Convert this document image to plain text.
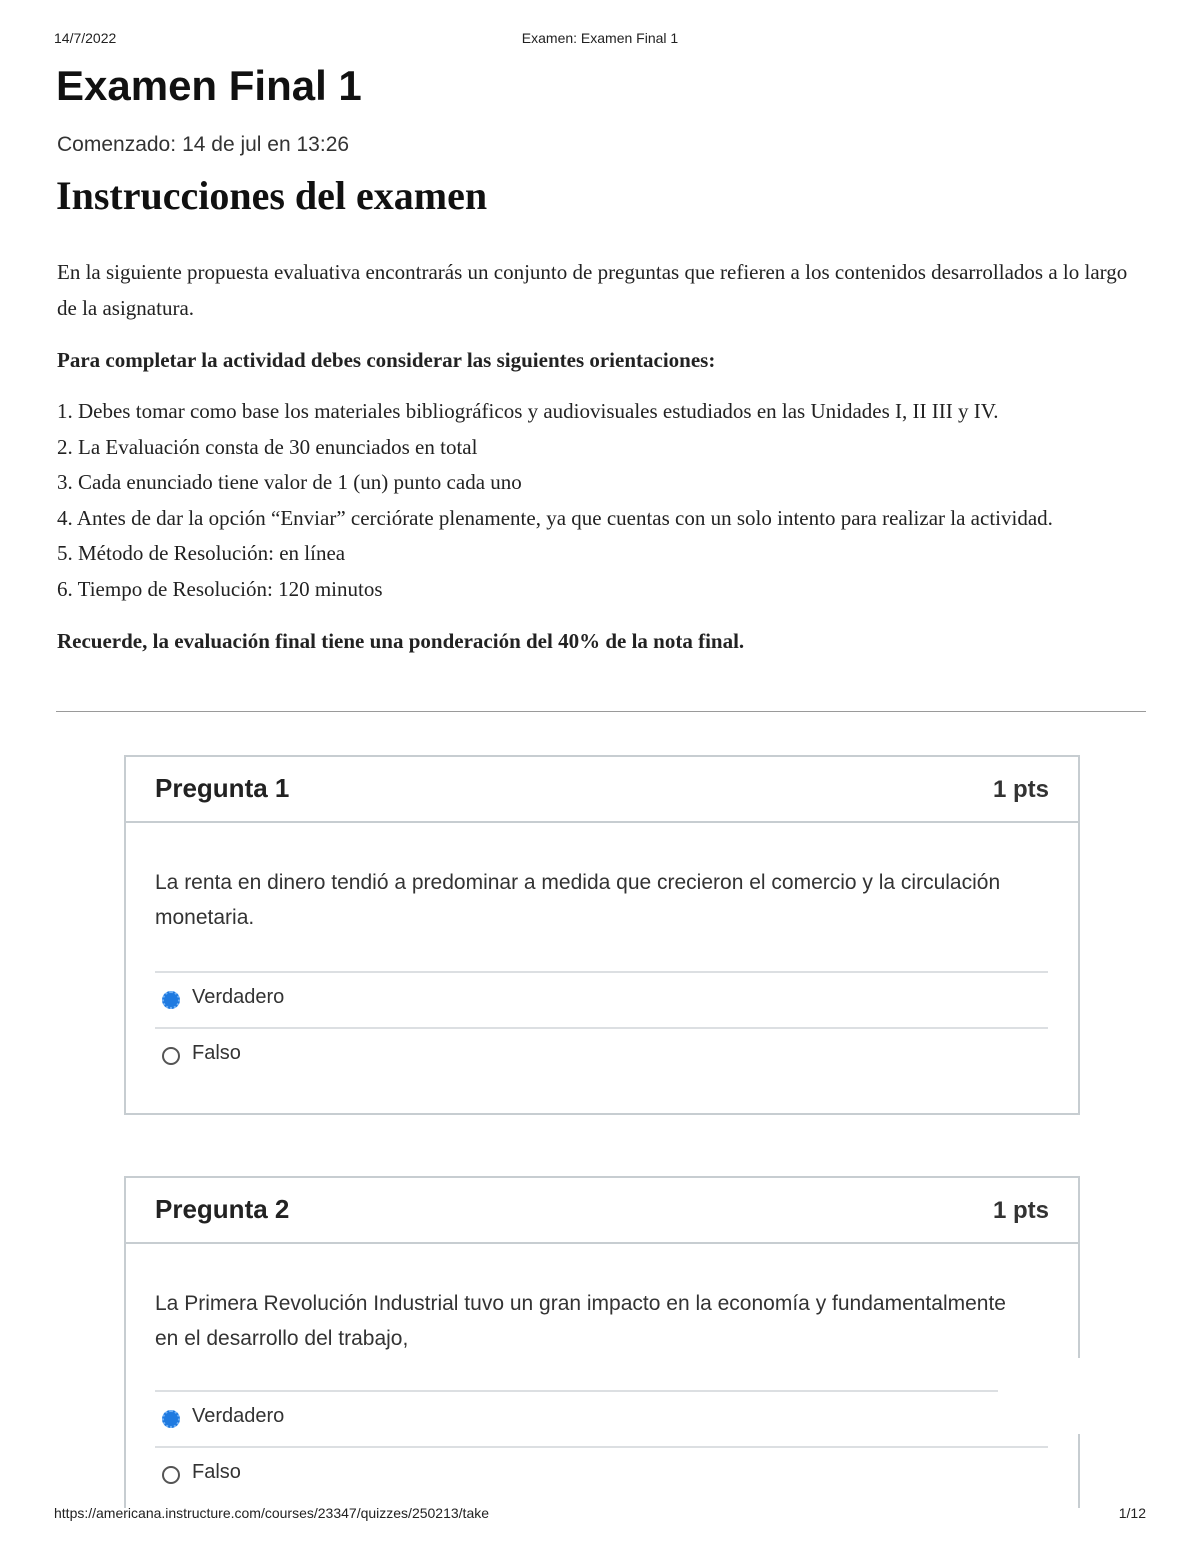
14/7/2022	Examen: Examen Final 1
Examen Final 1
Comenzado: 14 de jul en 13:26
Instrucciones del examen

En la siguiente propuesta evaluativa encontrarás un conjunto de preguntas que refieren a los contenidos desarrollados a lo largo de la asignatura.

Para completar la actividad debes considerar las siguientes orientaciones:

1. Debes tomar como base los materiales bibliográficos y audiovisuales estudiados en las Unidades I, II III y IV.
2. La Evaluación consta de 30 enunciados en total
3. Cada enunciado tiene valor de 1 (un) punto cada uno
4. Antes de dar la opción “Enviar” cerciórate plenamente, ya que cuentas con un solo intento para realizar la actividad.
5. Método de Resolución: en línea
6. Tiempo de Resolución: 120 minutos

Recuerde, la evaluación final tiene una ponderación del 40% de la nota final.

Pregunta 1	1 pts
La renta en dinero tendió a predominar a medida que crecieron el comercio y la circulación monetaria.
Verdadero
Falso
Pregunta 2	1 pts
La Primera Revolución Industrial tuvo un gran impacto en la economía y fundamentalmente en el desarrollo del trabajo,
Verdadero
Falso
https://americana.instructure.com/courses/23347/quizzes/250213/take	1/12
